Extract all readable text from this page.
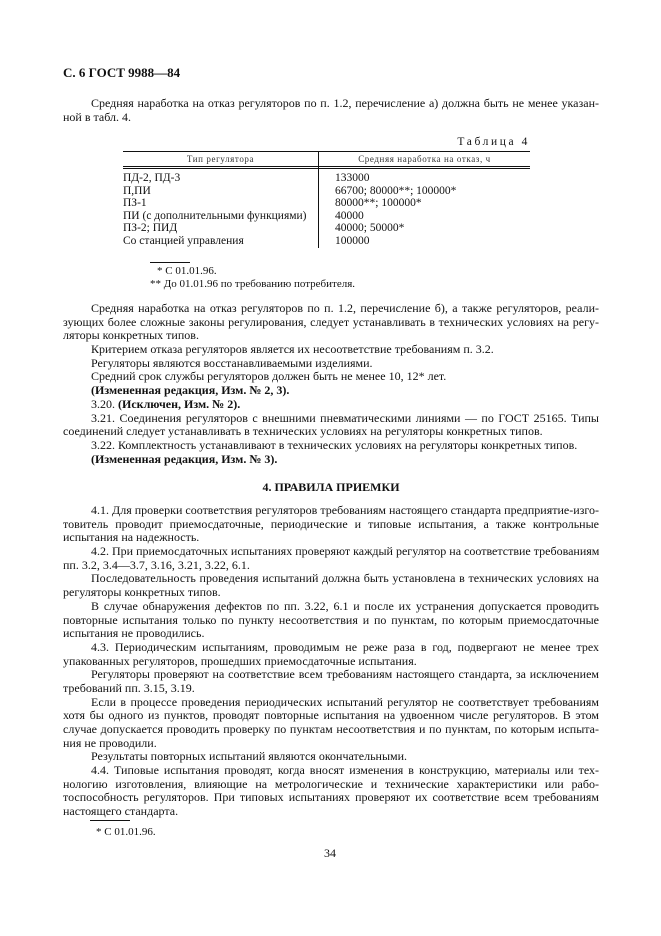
С. 6 ГОСТ 9988—84
Средняя наработка на отказ регуляторов по п. 1.2, перечисление а) должна быть не менее указан-
ной в табл. 4.
Таблица 4
Тип регулятора	Средняя наработка на отказ, ч
ПД-2, ПД-3	133000
П,ПИ	66700; 80000**; 100000*
ПЗ-1	80000**; 100000*
ПИ (с дополнительными функциями) 40000
ПЗ-2; ПИД	40000; 50000*
Со станцией управления	100000
* С 01.01.96.
** До 01.01.96 по требованию потребителя.
Средняя наработка на отказ регуляторов по п. 1.2, перечисление б), а также регуляторов, реали-
зующих более сложные законы регулирования, следует устанавливать в технических условиях на регу-
ляторы конкретных типов.
Критерием отказа регуляторов является их несоответствие требованиям п. 3.2.
Регуляторы являются восстанавливаемыми изделиями.
Средний срок службы регуляторов должен быть не менее 10, 12* лет.
(Измененная редакция, Изм. № 2, 3).
3.20. (Исключен, Изм. № 2).
3.21. Соединения регуляторов с внешними пневматическими линиями — по ГОСТ 25165. Типы
соединений следует устанавливать в технических условиях на регуляторы конкретных типов.
3.22. Комплектность устанавливают в технических условиях на регуляторы конкретных типов.
(Измененная редакция, Изм. № 3).
4. ПРАВИЛА ПРИЕМКИ
4.1. Для проверки соответствия регуляторов требованиям настоящего стандарта предприятие-изго-
товитель проводит приемосдаточные, периодические и типовые испытания, а также контрольные
испытания на надежность.
4.2. При приемосдаточных испытаниях проверяют каждый регулятор на соответствие требованиям
пп. 3.2, 3.4—3.7, 3.16, 3.21, 3.22, 6.1.
Последовательность проведения испытаний должна быть установлена в технических условиях на
регуляторы конкретных типов.
В случае обнаружения дефектов по пп. 3.22, 6.1 и после их устранения допускается проводить
повторные испытания только по пункту несоответствия и по пунктам, по которым приемосдаточные
испытания не проводились.
4.3. Периодическим испытаниям, проводимым не реже раза в год, подвергают не менее трех
упакованных регуляторов, прошедших приемосдаточные испытания.
Регуляторы проверяют на соответствие всем требованиям настоящего стандарта, за исключением
требований пп. 3.15, 3.19.
Если в процессе проведения периодических испытаний регулятор не соответствует требованиям
хотя бы одного из пунктов, проводят повторные испытания на удвоенном числе регуляторов. В этом
случае допускается проводить проверку по пунктам несоответствия и по пунктам, по которым испыта-
ния не проводили.
Результаты повторных испытаний являются окончательными.
4.4. Типовые испытания проводят, когда вносят изменения в конструкцию, материалы или тех-
нологию изготовления, влияющие на метрологические и технические характеристики или рабо-
тоспособность регуляторов. При типовых испытаниях проверяют их соответствие всем требованиям
настоящего стандарта.
* С 01.01.96.
34
